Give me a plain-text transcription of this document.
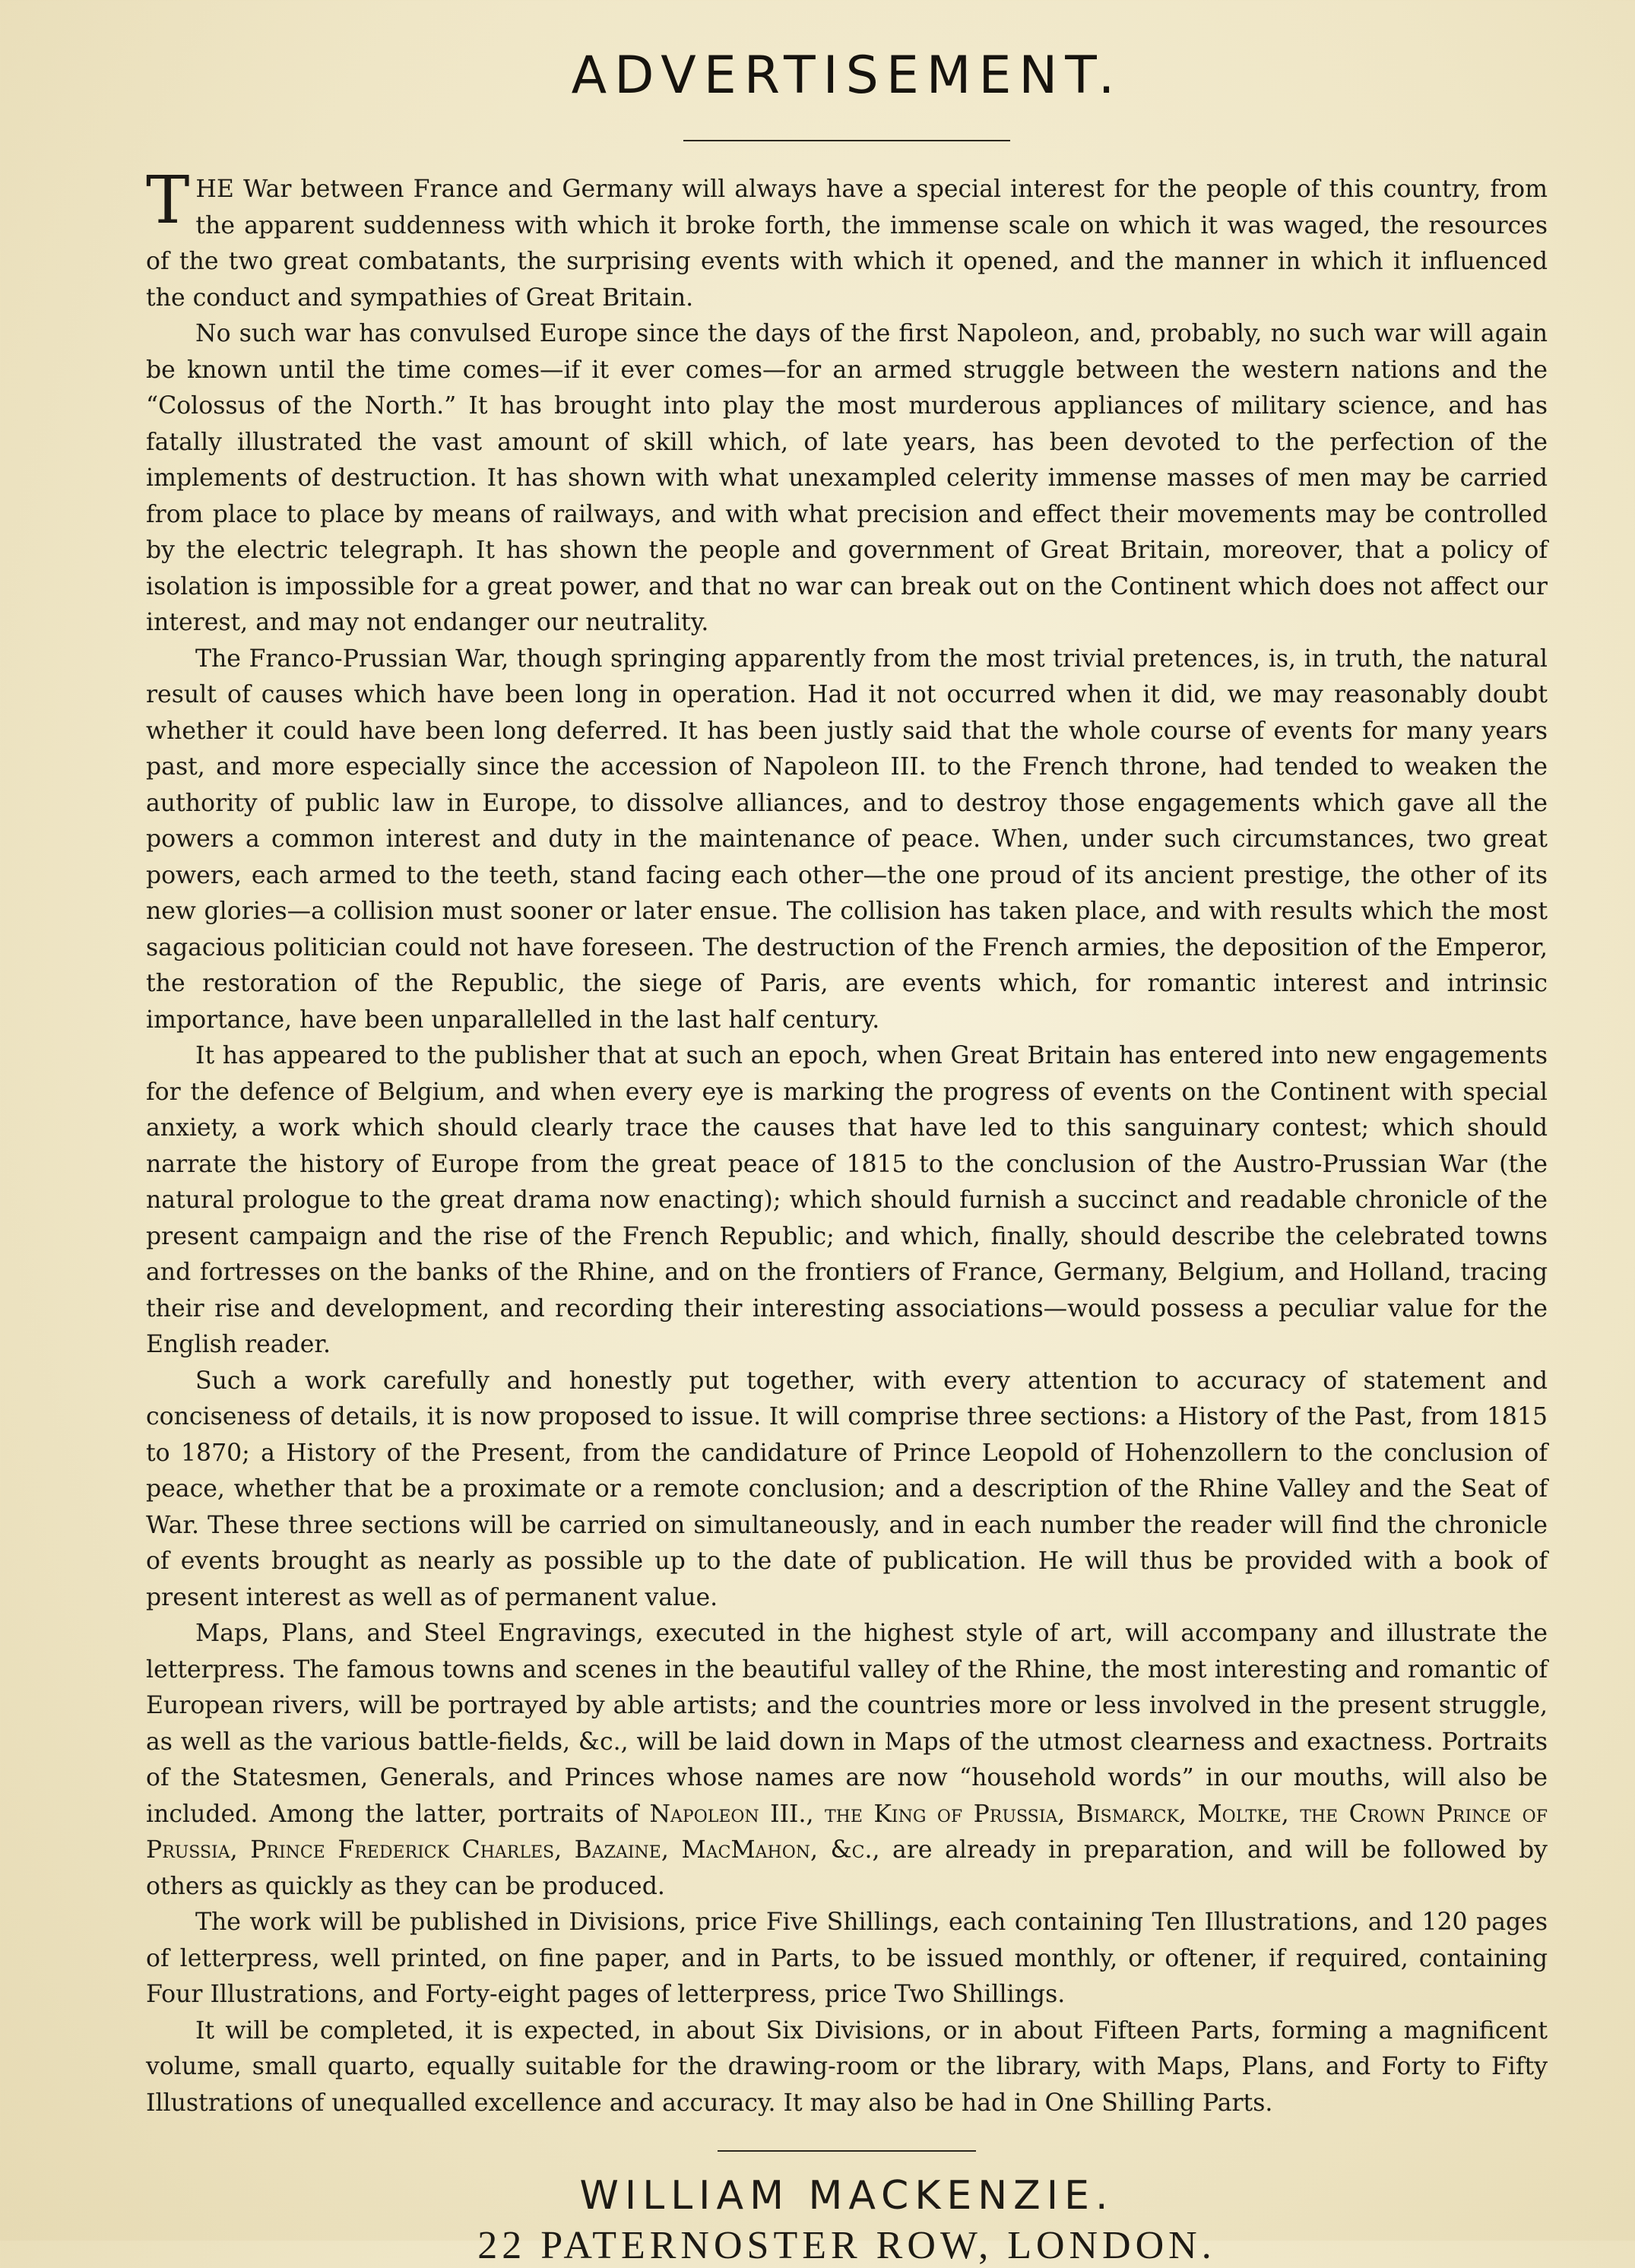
ADVERTISEMENT.

THE War between France and Germany will always have a special interest for the people of this country, from the apparent suddenness with which it broke forth, the immense scale on which it was waged, the resources of the two great combatants, the surprising events with which it opened, and the manner in which it influenced the conduct and sympathies of Great Britain.

No such war has convulsed Europe since the days of the first Napoleon, and, probably, no such war will again be known until the time comes—if it ever comes—for an armed struggle between the western nations and the “Colossus of the North.” It has brought into play the most murderous appliances of military science, and has fatally illustrated the vast amount of skill which, of late years, has been devoted to the perfection of the implements of destruction. It has shown with what unexampled celerity immense masses of men may be carried from place to place by means of railways, and with what precision and effect their movements may be controlled by the electric telegraph. It has shown the people and government of Great Britain, moreover, that a policy of isolation is impossible for a great power, and that no war can break out on the Continent which does not affect our interest, and may not endanger our neutrality.

The Franco-Prussian War, though springing apparently from the most trivial pretences, is, in truth, the natural result of causes which have been long in operation. Had it not occurred when it did, we may reasonably doubt whether it could have been long deferred. It has been justly said that the whole course of events for many years past, and more especially since the accession of Napoleon III. to the French throne, had tended to weaken the authority of public law in Europe, to dissolve alliances, and to destroy those engagements which gave all the powers a common interest and duty in the maintenance of peace. When, under such circumstances, two great powers, each armed to the teeth, stand facing each other—the one proud of its ancient prestige, the other of its new glories—a collision must sooner or later ensue. The collision has taken place, and with results which the most sagacious politician could not have foreseen. The destruction of the French armies, the deposition of the Emperor, the restoration of the Republic, the siege of Paris, are events which, for romantic interest and intrinsic importance, have been unparallelled in the last half century.

It has appeared to the publisher that at such an epoch, when Great Britain has entered into new engagements for the defence of Belgium, and when every eye is marking the progress of events on the Continent with special anxiety, a work which should clearly trace the causes that have led to this sanguinary contest; which should narrate the history of Europe from the great peace of 1815 to the conclusion of the Austro-Prussian War (the natural prologue to the great drama now enacting); which should furnish a succinct and readable chronicle of the present campaign and the rise of the French Republic; and which, finally, should describe the celebrated towns and fortresses on the banks of the Rhine, and on the frontiers of France, Germany, Belgium, and Holland, tracing their rise and development, and recording their interesting associations—would possess a peculiar value for the English reader.

Such a work carefully and honestly put together, with every attention to accuracy of statement and conciseness of details, it is now proposed to issue. It will comprise three sections: a History of the Past, from 1815 to 1870; a History of the Present, from the candidature of Prince Leopold of Hohenzollern to the conclusion of peace, whether that be a proximate or a remote conclusion; and a description of the Rhine Valley and the Seat of War. These three sections will be carried on simultaneously, and in each number the reader will find the chronicle of events brought as nearly as possible up to the date of publication. He will thus be provided with a book of present interest as well as of permanent value.

Maps, Plans, and Steel Engravings, executed in the highest style of art, will accompany and illustrate the letterpress. The famous towns and scenes in the beautiful valley of the Rhine, the most interesting and romantic of European rivers, will be portrayed by able artists; and the countries more or less involved in the present struggle, as well as the various battle-fields, &c., will be laid down in Maps of the utmost clearness and exactness. Portraits of the Statesmen, Generals, and Princes whose names are now “household words” in our mouths, will also be included. Among the latter, portraits of Napoleon III., the King of Prussia, Bismarck, Moltke, the Crown Prince of Prussia, Prince Frederick Charles, Bazaine, MacMahon, &c., are already in preparation, and will be followed by others as quickly as they can be produced.

The work will be published in Divisions, price Five Shillings, each containing Ten Illustrations, and 120 pages of letterpress, well printed, on fine paper, and in Parts, to be issued monthly, or oftener, if required, containing Four Illustrations, and Forty-eight pages of letterpress, price Two Shillings.

It will be completed, it is expected, in about Six Divisions, or in about Fifteen Parts, forming a magnificent volume, small quarto, equally suitable for the drawing-room or the library, with Maps, Plans, and Forty to Fifty Illustrations of unequalled excellence and accuracy. It may also be had in One Shilling Parts.

WILLIAM MACKENZIE.

22 PATERNOSTER ROW, LONDON.
